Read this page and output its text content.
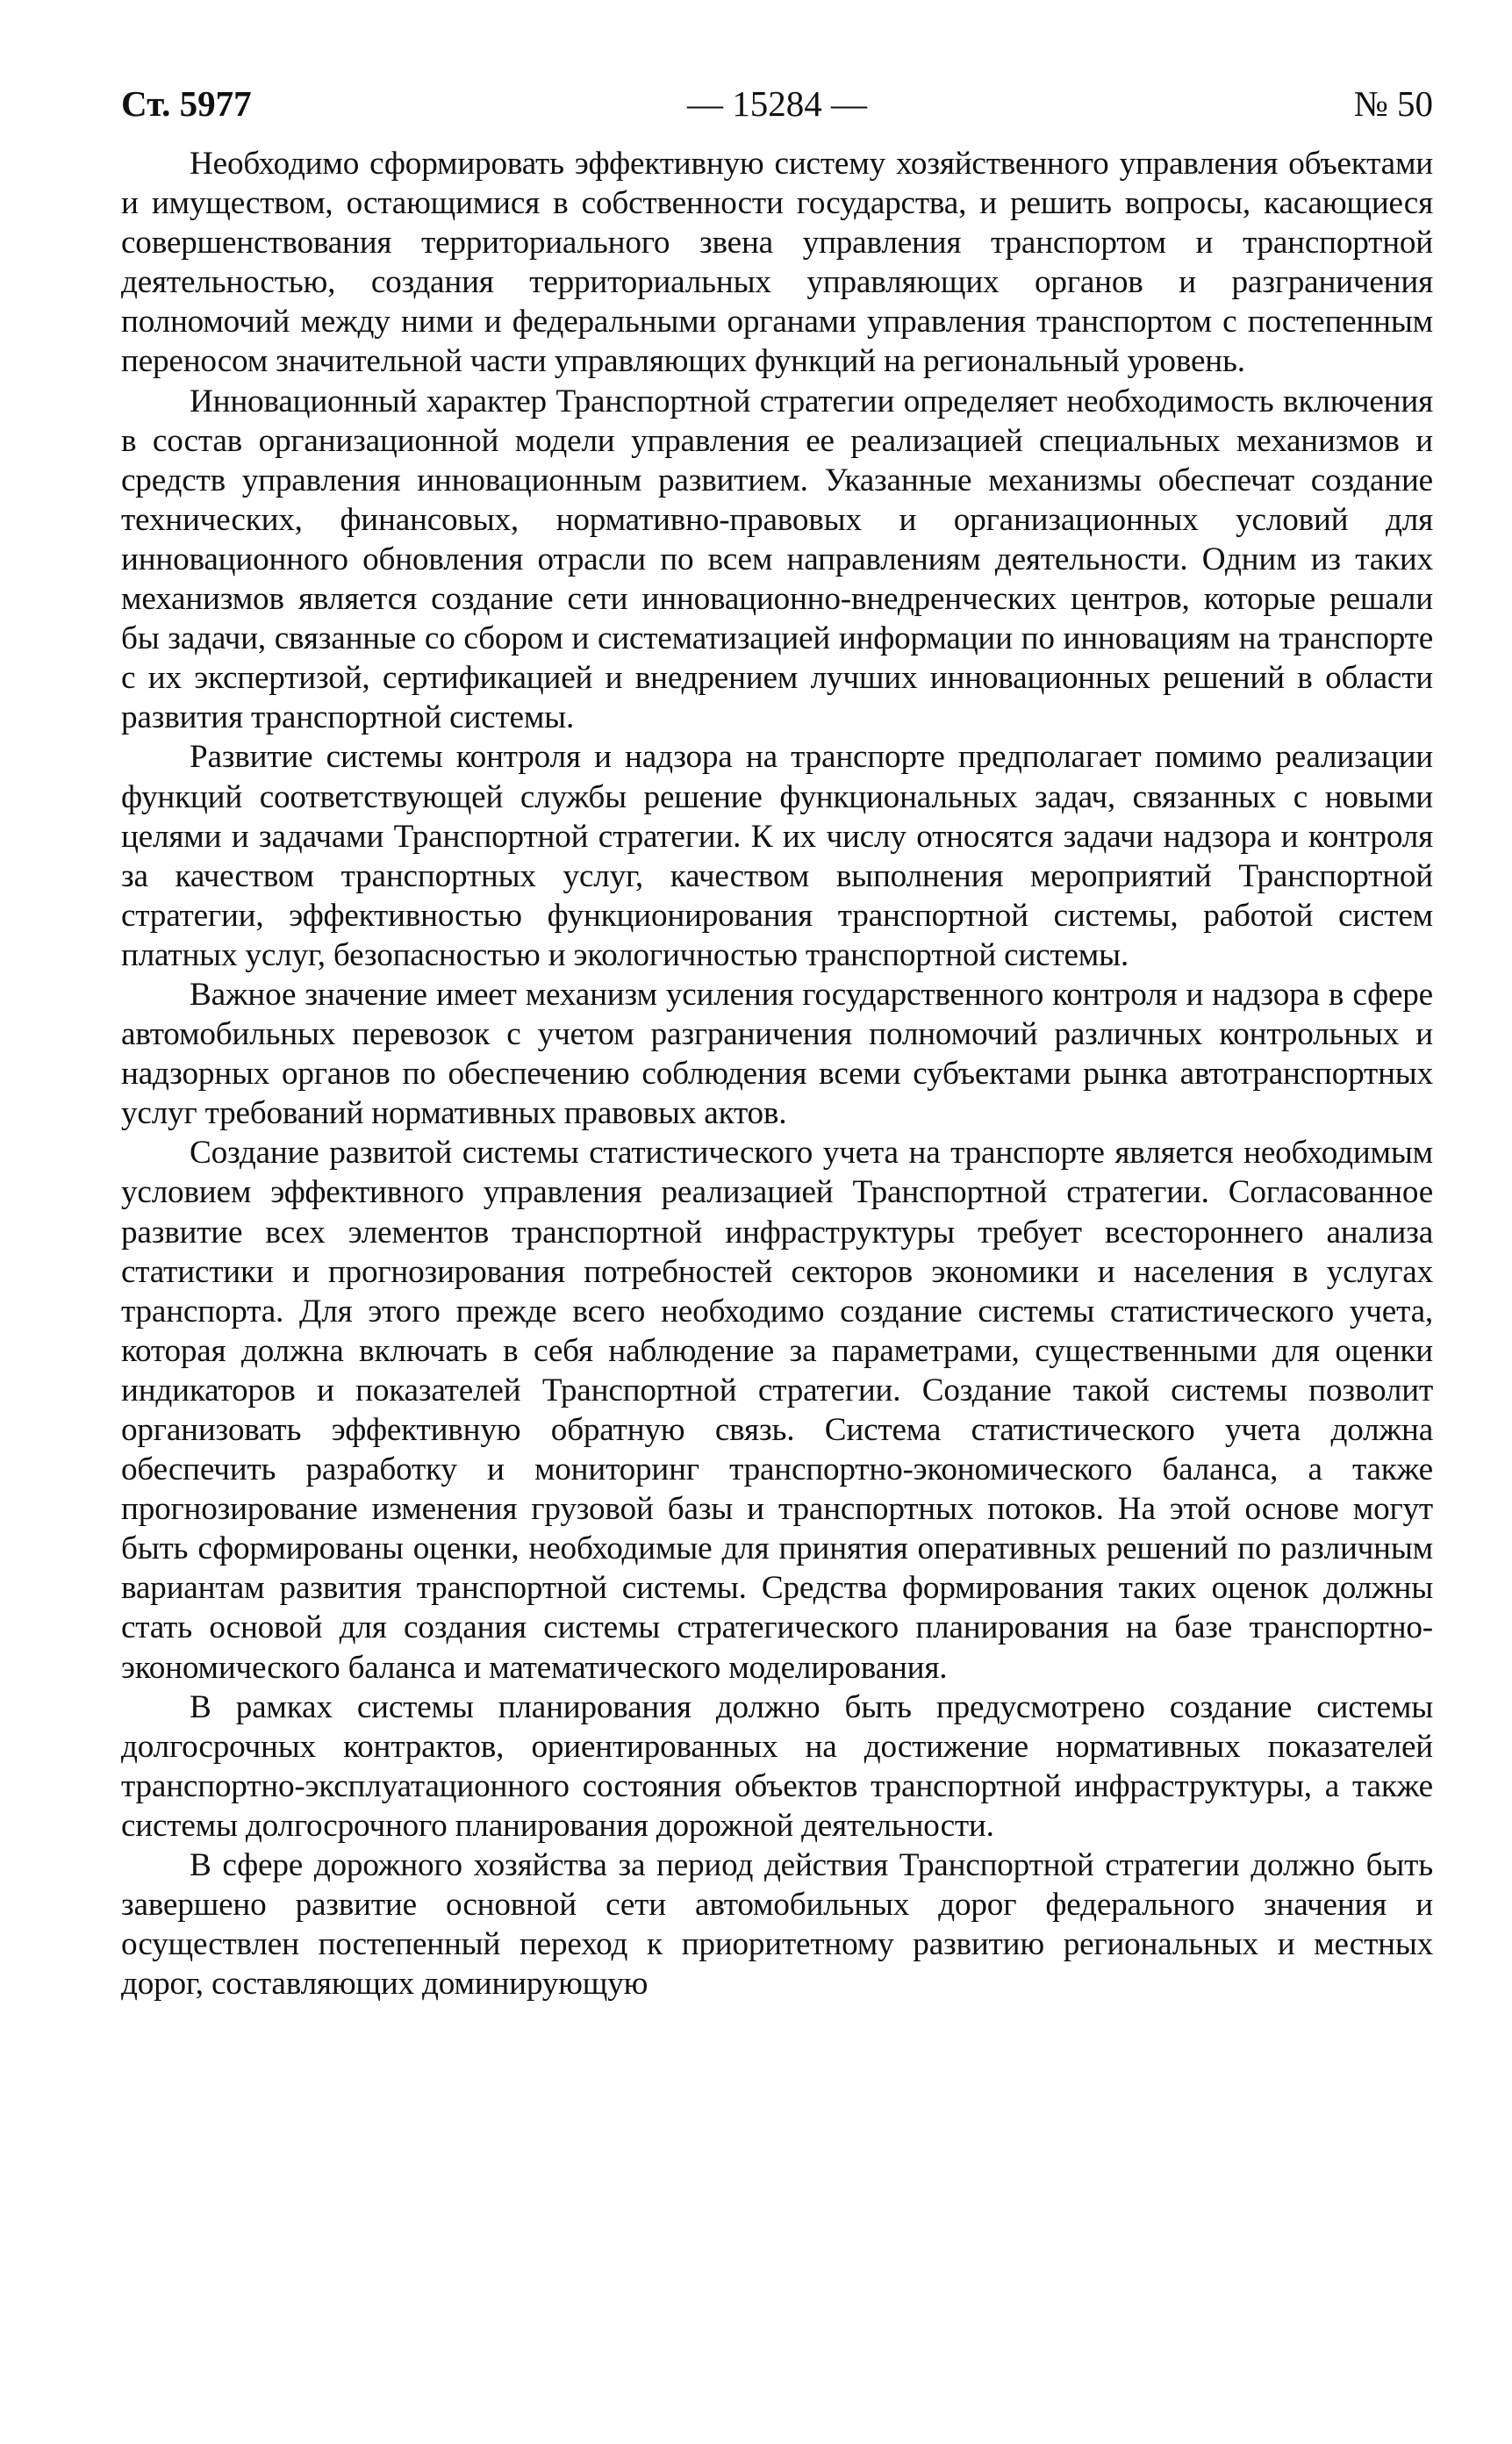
Ст. 5977	— 15284 —	№ 50

Необходимо сформировать эффективную систему хозяйственного управления объектами и имуществом, остающимися в собственности государства, и решить вопросы, касающиеся совершенствования территориального звена управления транспортом и транспортной деятельностью, создания территориальных управляющих органов и разграничения полномочий между ними и федеральными органами управления транспортом с постепенным переносом значительной части управляющих функций на региональный уровень.

Инновационный характер Транспортной стратегии определяет необходимость включения в состав организационной модели управления ее реализацией специальных механизмов и средств управления инновационным развитием. Указанные механизмы обеспечат создание технических, финансовых, нормативно-правовых и организационных условий для инновационного обновления отрасли по всем направлениям деятельности. Одним из таких механизмов является создание сети инновационно-внедренческих центров, которые решали бы задачи, связанные со сбором и систематизацией информации по инновациям на транспорте с их экспертизой, сертификацией и внедрением лучших инновационных решений в области развития транспортной системы.

Развитие системы контроля и надзора на транспорте предполагает помимо реализации функций соответствующей службы решение функциональных задач, связанных с новыми целями и задачами Транспортной стратегии. К их числу относятся задачи надзора и контроля за качеством транспортных услуг, качеством выполнения мероприятий Транспортной стратегии, эффективностью функционирования транспортной системы, работой систем платных услуг, безопасностью и экологичностью транспортной системы.

Важное значение имеет механизм усиления государственного контроля и надзора в сфере автомобильных перевозок с учетом разграничения полномочий различных контрольных и надзорных органов по обеспечению соблюдения всеми субъектами рынка автотранспортных услуг требований нормативных правовых актов.

Создание развитой системы статистического учета на транспорте является необходимым условием эффективного управления реализацией Транспортной стратегии. Согласованное развитие всех элементов транспортной инфраструктуры требует всестороннего анализа статистики и прогнозирования потребностей секторов экономики и населения в услугах транспорта. Для этого прежде всего необходимо создание системы статистического учета, которая должна включать в себя наблюдение за параметрами, существенными для оценки индикаторов и показателей Транспортной стратегии. Создание такой системы позволит организовать эффективную обратную связь. Система статистического учета должна обеспечить разработку и мониторинг транспортно-экономического баланса, а также прогнозирование изменения грузовой базы и транспортных потоков. На этой основе могут быть сформированы оценки, необходимые для принятия оперативных решений по различным вариантам развития транспортной системы. Средства формирования таких оценок должны стать основой для создания системы стратегического планирования на базе транспортно-экономического баланса и математического моделирования.

В рамках системы планирования должно быть предусмотрено создание системы долгосрочных контрактов, ориентированных на достижение нормативных показателей транспортно-эксплуатационного состояния объектов транспортной инфраструктуры, а также системы долгосрочного планирования дорожной деятельности.

В сфере дорожного хозяйства за период действия Транспортной стратегии должно быть завершено развитие основной сети автомобильных дорог федерального значения и осуществлен постепенный переход к приоритетному развитию региональных и местных дорог, составляющих доминирующую
